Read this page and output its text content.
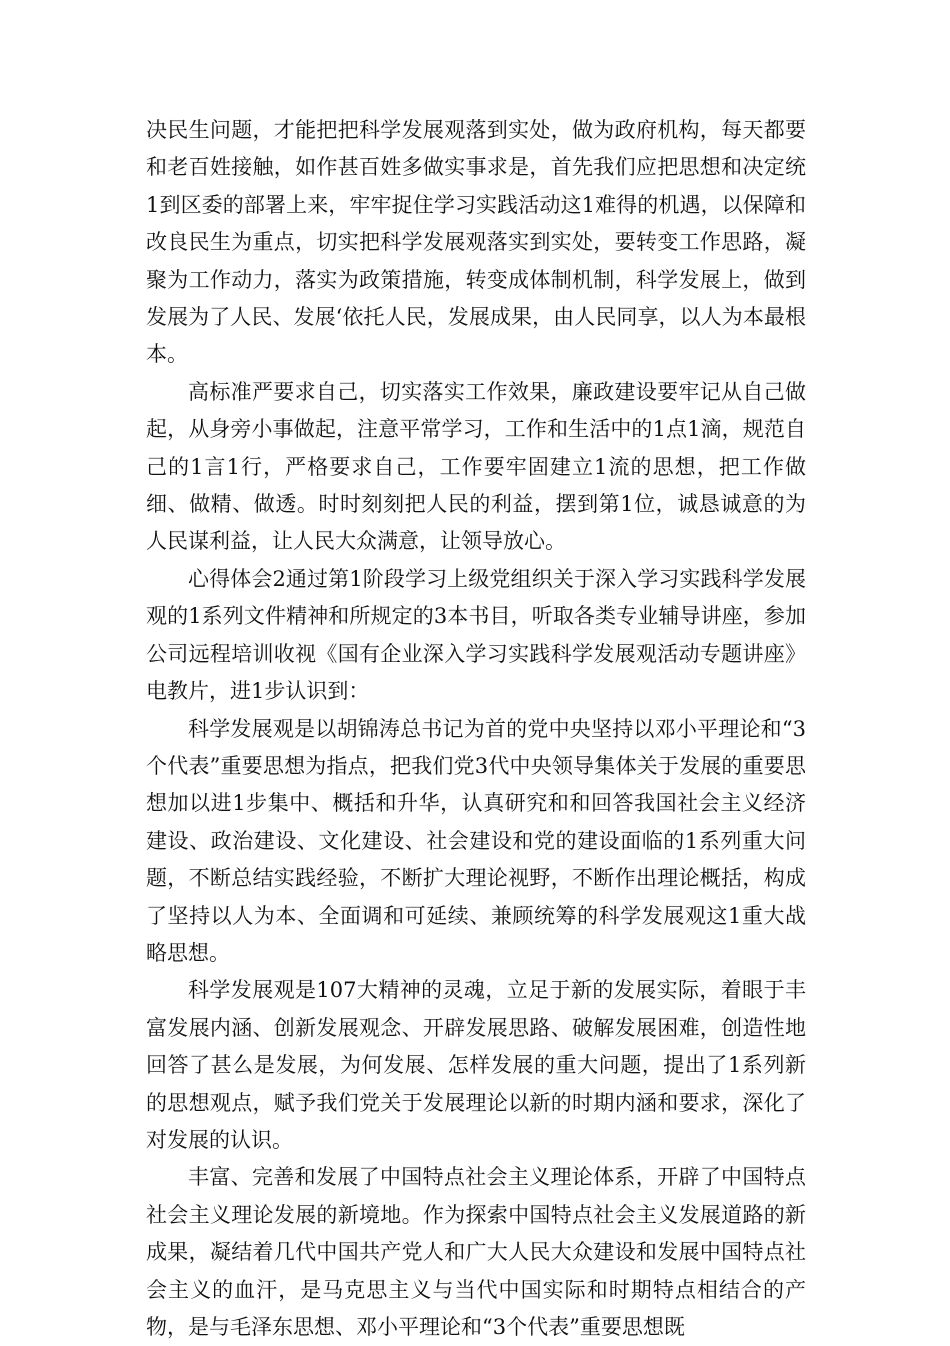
决民生问题，才能把把科学发展观落到实处，做为政府机构，每天都要和老百姓接触，如作甚百姓多做实事求是，首先我们应把思想和决定统1到区委的部署上来，牢牢捉住学习实践活动这1难得的机遇，以保障和改良民生为重点，切实把科学发展观落实到实处，要转变工作思路，凝聚为工作动力，落实为政策措施，转变成体制机制，科学发展上，做到发展为了人民、发展‘依托人民，发展成果，由人民同享，以人为本最根本。

高标准严要求自己，切实落实工作效果，廉政建设要牢记从自己做起，从身旁小事做起，注意平常学习，工作和生活中的1点1滴，规范自己的1言1行，严格要求自己，工作要牢固建立1流的思想，把工作做细、做精、做透。时时刻刻把人民的利益，摆到第1位，诚恳诚意的为人民谋利益，让人民大众满意，让领导放心。

心得体会2通过第1阶段学习上级党组织关于深入学习实践科学发展观的1系列文件精神和所规定的3本书目，听取各类专业辅导讲座，参加公司远程培训收视《国有企业深入学习实践科学发展观活动专题讲座》电教片，进1步认识到：

科学发展观是以胡锦涛总书记为首的党中央坚持以邓小平理论和“3个代表”重要思想为指点，把我们党3代中央领导集体关于发展的重要思想加以进1步集中、概括和升华，认真研究和和回答我国社会主义经济建设、政治建设、文化建设、社会建设和党的建设面临的1系列重大问题，不断总结实践经验，不断扩大理论视野，不断作出理论概括，构成了坚持以人为本、全面调和可延续、兼顾统筹的科学发展观这1重大战略思想。

科学发展观是107大精神的灵魂，立足于新的发展实际，着眼于丰富发展内涵、创新发展观念、开辟发展思路、破解发展困难，创造性地回答了甚么是发展，为何发展、怎样发展的重大问题，提出了1系列新的思想观点，赋予我们党关于发展理论以新的时期内涵和要求，深化了对发展的认识。

丰富、完善和发展了中国特点社会主义理论体系，开辟了中国特点社会主义理论发展的新境地。作为探索中国特点社会主义发展道路的新成果，凝结着几代中国共产党人和广大人民大众建设和发展中国特点社会主义的血汗，是马克思主义与当代中国实际和时期特点相结合的产物，是与毛泽东思想、邓小平理论和“3个代表”重要思想既
